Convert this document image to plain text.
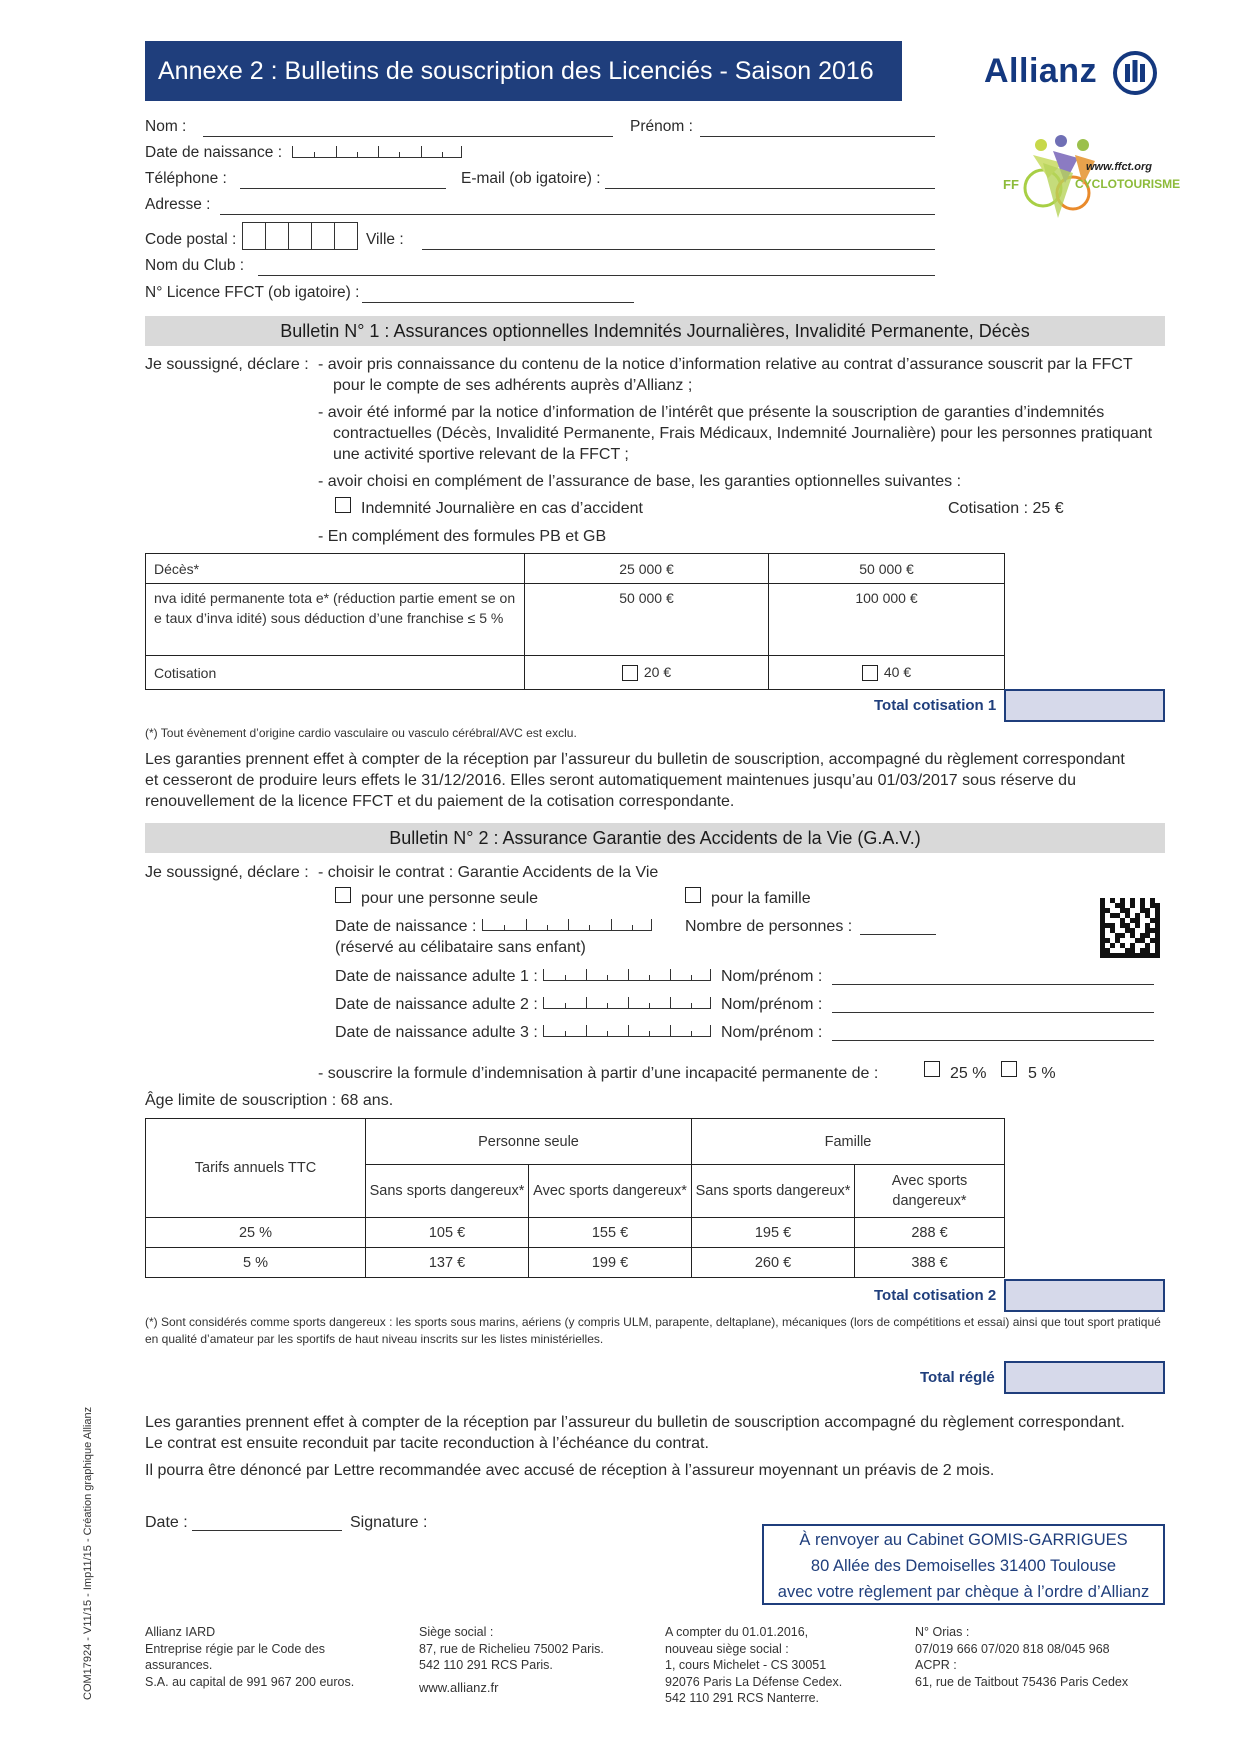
Annexe 2 : Bulletins de souscription des Licenciés - Saison 2016	Allianz
www.ffct.org
FF	CYCLOTOURISME
Nom :	Prénom :
Date de naissance :
Téléphone :	E-mail (ob igatoire) :
Adresse :
Code postal :	Ville :
Nom du Club :
N° Licence FFCT (ob igatoire) :
Bulletin N° 1 : Assurances optionnelles Indemnités Journalières, Invalidité Permanente, Décès
Je soussigné, déclare : - avoir pris connaissance du contenu de la notice d’information relative au contrat d’assurance souscrit par la FFCT
pour le compte de ses adhérents auprès d’Allianz ;
- avoir été informé par la notice d’information de l’intérêt que présente la souscription de garanties d’indemnités
contractuelles (Décès, Invalidité Permanente, Frais Médicaux, Indemnité Journalière) pour les personnes pratiquant
une activité sportive relevant de la FFCT ;
- avoir choisi en complément de l’assurance de base, les garanties optionnelles suivantes :
Indemnité Journalière en cas d’accident	Cotisation : 25 €
- En complément des formules PB et GB
Décès*	25 000 €	50 000 €
nva idité permanente tota e* (réduction partie ement se on e taux d’inva idité) sous déduction d’une franchise ≤ 5 %	50 000 €	100 000 €
Cotisation	20 €	40 €
Total cotisation 1
(*) Tout évènement d’origine cardio vasculaire ou vasculo cérébral/AVC est exclu.
Les garanties prennent effet à compter de la réception par l’assureur du bulletin de souscription, accompagné du règlement correspondant
et cesseront de produire leurs effets le 31/12/2016. Elles seront automatiquement maintenues jusqu’au 01/03/2017 sous réserve du
renouvellement de la licence FFCT et du paiement de la cotisation correspondante.
Bulletin N° 2 : Assurance Garantie des Accidents de la Vie (G.A.V.)
Je soussigné, déclare : - choisir le contrat : Garantie Accidents de la Vie
pour une personne seule	pour la famille
Date de naissance :	Nombre de personnes :
(réservé au célibataire sans enfant)
Date de naissance adulte 1 :	Nom/prénom :
Date de naissance adulte 2 :	Nom/prénom :
Date de naissance adulte 3 :	Nom/prénom :
- souscrire la formule d’indemnisation à partir d’une incapacité permanente de :	25 %	5 %
Âge limite de souscription : 68 ans.
Tarifs annuels TTC	Personne seule		Famille	
	Sans sports dangereux*	Avec sports dangereux*	Sans sports dangereux*	Avec sports dangereux*
25 %	105 €	155 €	195 €	288 €
5 %	137 €	199 €	260 €	388 €
Total cotisation 2
(*) Sont considérés comme sports dangereux : les sports sous marins, aériens (y compris ULM, parapente, deltaplane), mécaniques (lors de compétitions et essai) ainsi que tout sport pratiqué en qualité d’amateur par les sportifs de haut niveau inscrits sur les listes ministérielles.
Total réglé
Les garanties prennent effet à compter de la réception par l’assureur du bulletin de souscription accompagné du règlement correspondant.
Le contrat est ensuite reconduit par tacite reconduction à l’échéance du contrat.
Il pourra être dénoncé par Lettre recommandée avec accusé de réception à l’assureur moyennant un préavis de 2 mois.
Date :	Signature :
À renvoyer au Cabinet GOMIS-GARRIGUES
80 Allée des Demoiselles 31400 Toulouse
avec votre règlement par chèque à l’ordre d’Allianz
Allianz IARD
Entreprise régie par le Code des
assurances.
S.A. au capital de 991 967 200 euros.
Siège social :
87, rue de Richelieu 75002 Paris.
542 110 291 RCS Paris.
www.allianz.fr
A compter du 01.01.2016,
nouveau siège social :
1, cours Michelet - CS 30051
92076 Paris La Défense Cedex.
542 110 291 RCS Nanterre.
N° Orias :
07/019 666 07/020 818 08/045 968
ACPR :
61, rue de Taitbout 75436 Paris Cedex
COM17924 - V11/15 - Imp11/15 - Création graphique Allianz
